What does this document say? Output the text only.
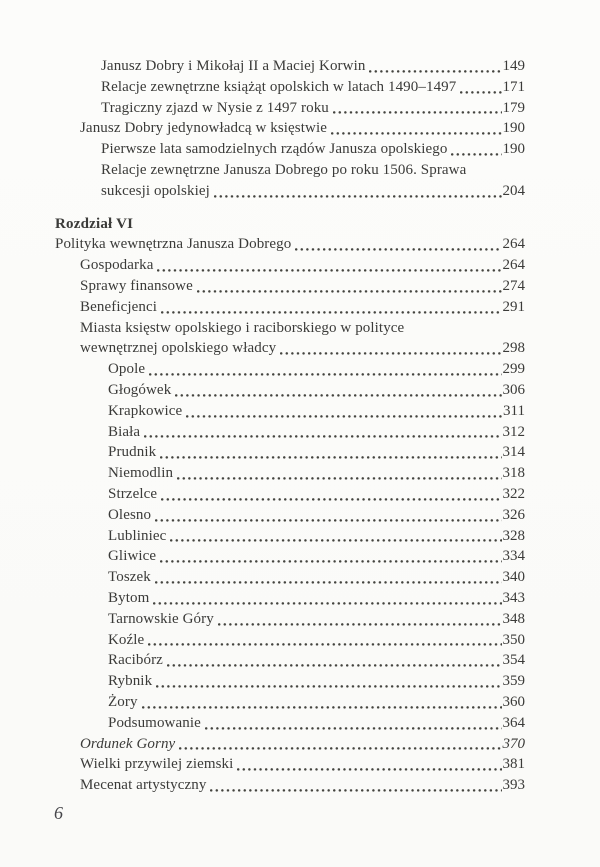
Janusz Dobry i Mikołaj II a Maciej Korwin	149
Relacje zewnętrzne książąt opolskich w latach 1490–1497	171
Tragiczny zjazd w Nysie z 1497 roku	179
Janusz Dobry jedynowładcą w księstwie	190
Pierwsze lata samodzielnych rządów Janusza opolskiego	190
Relacje zewnętrzne Janusza Dobrego po roku 1506. Sprawa
sukcesji opolskiej	204
Rozdział VI
Polityka wewnętrzna Janusza Dobrego	264
Gospodarka	264
Sprawy finansowe	274
Beneficjenci	291
Miasta księstw opolskiego i raciborskiego w polityce
wewnętrznej opolskiego władcy	298
Opole	299
Głogówek	306
Krapkowice	311
Biała	312
Prudnik	314
Niemodlin	318
Strzelce	322
Olesno	326
Lubliniec	328
Gliwice	334
Toszek	340
Bytom	343
Tarnowskie Góry	348
Koźle	350
Racibórz	354
Rybnik	359
Żory	360
Podsumowanie	364
Ordunek Gorny	370
Wielki przywilej ziemski	381
Mecenat artystyczny	393
6
